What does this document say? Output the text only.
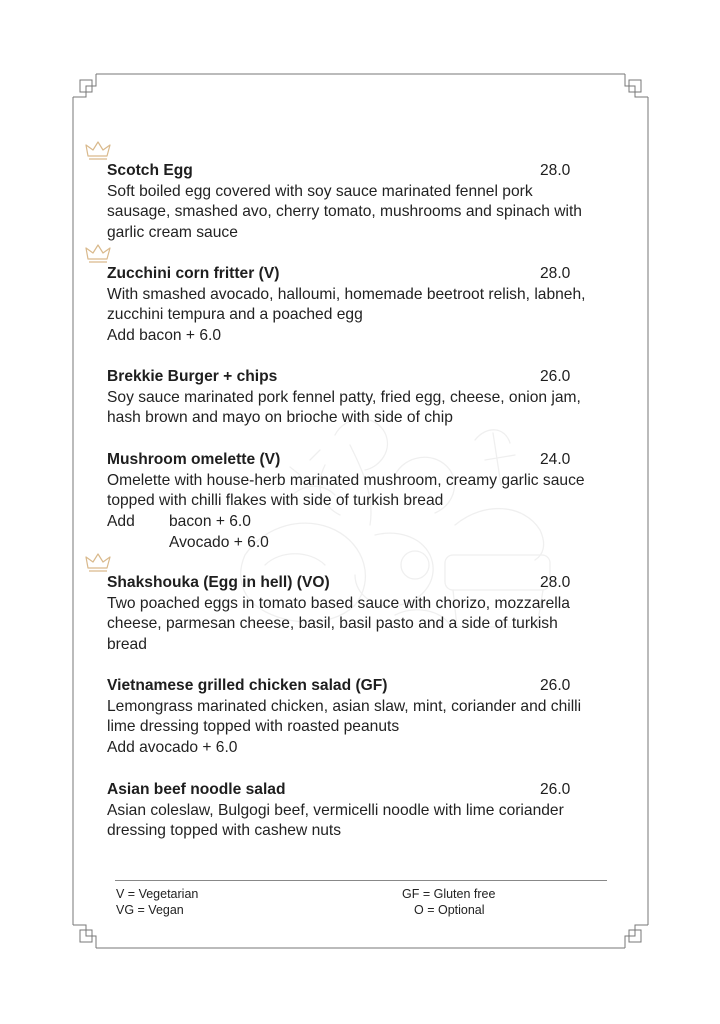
Scotch Egg	28.0
Soft boiled egg covered with soy sauce marinated fennel pork
sausage, smashed avo, cherry tomato, mushrooms and spinach with
garlic cream sauce
Zucchini corn fritter (V)	28.0
With smashed avocado, halloumi, homemade beetroot relish, labneh,
zucchini tempura and a poached egg
Add bacon + 6.0
Brekkie Burger + chips	26.0
Soy sauce marinated pork fennel patty, fried egg, cheese, onion jam,
hash brown and mayo on brioche with side of chip
Mushroom omelette (V)	24.0
Omelette with house-herb marinated mushroom, creamy garlic sauce
topped with chilli flakes with side of turkish bread
Add	bacon + 6.0
Avocado + 6.0
Shakshouka (Egg in hell) (VO)	28.0
Two poached eggs in tomato based sauce with chorizo, mozzarella
cheese, parmesan cheese, basil, basil pasto and a side of turkish
bread
Vietnamese grilled chicken salad (GF)	26.0
Lemongrass marinated chicken, asian slaw, mint, coriander and chilli
lime dressing topped with roasted peanuts
Add avocado + 6.0
Asian beef noodle salad	26.0
Asian coleslaw, Bulgogi beef, vermicelli noodle with lime coriander
dressing topped with cashew nuts
V = Vegetarian
VG = Vegan
GF = Gluten free
O = Optional
